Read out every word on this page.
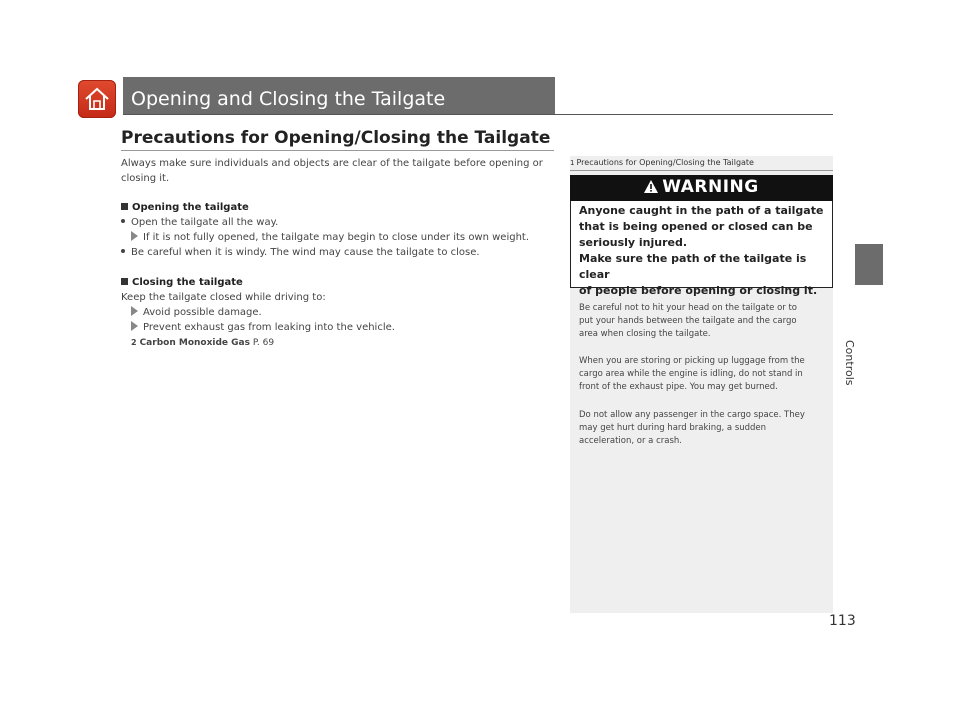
Opening and Closing the Tailgate
Controls
Precautions for Opening/Closing the Tailgate
Always make sure individuals and objects are clear of the tailgate before opening or
closing it.
Opening the tailgate
Open the tailgate all the way.
If it is not fully opened, the tailgate may begin to close under its own weight.
Be careful when it is windy. The wind may cause the tailgate to close.
Closing the tailgate
Keep the tailgate closed while driving to:
Avoid possible damage.
Prevent exhaust gas from leaking into the vehicle.
2 Carbon Monoxide Gas P. 69
1 Precautions for Opening/Closing the Tailgate
WARNING
Anyone caught in the path of a tailgate
that is being opened or closed can be
seriously injured.
Make sure the path of the tailgate is clear
of people before opening or closing it.
Be careful not to hit your head on the tailgate or to
put your hands between the tailgate and the cargo
area when closing the tailgate.
When you are storing or picking up luggage from the
cargo area while the engine is idling, do not stand in
front of the exhaust pipe. You may get burned.
Do not allow any passenger in the cargo space. They
may get hurt during hard braking, a sudden
acceleration, or a crash.
113
